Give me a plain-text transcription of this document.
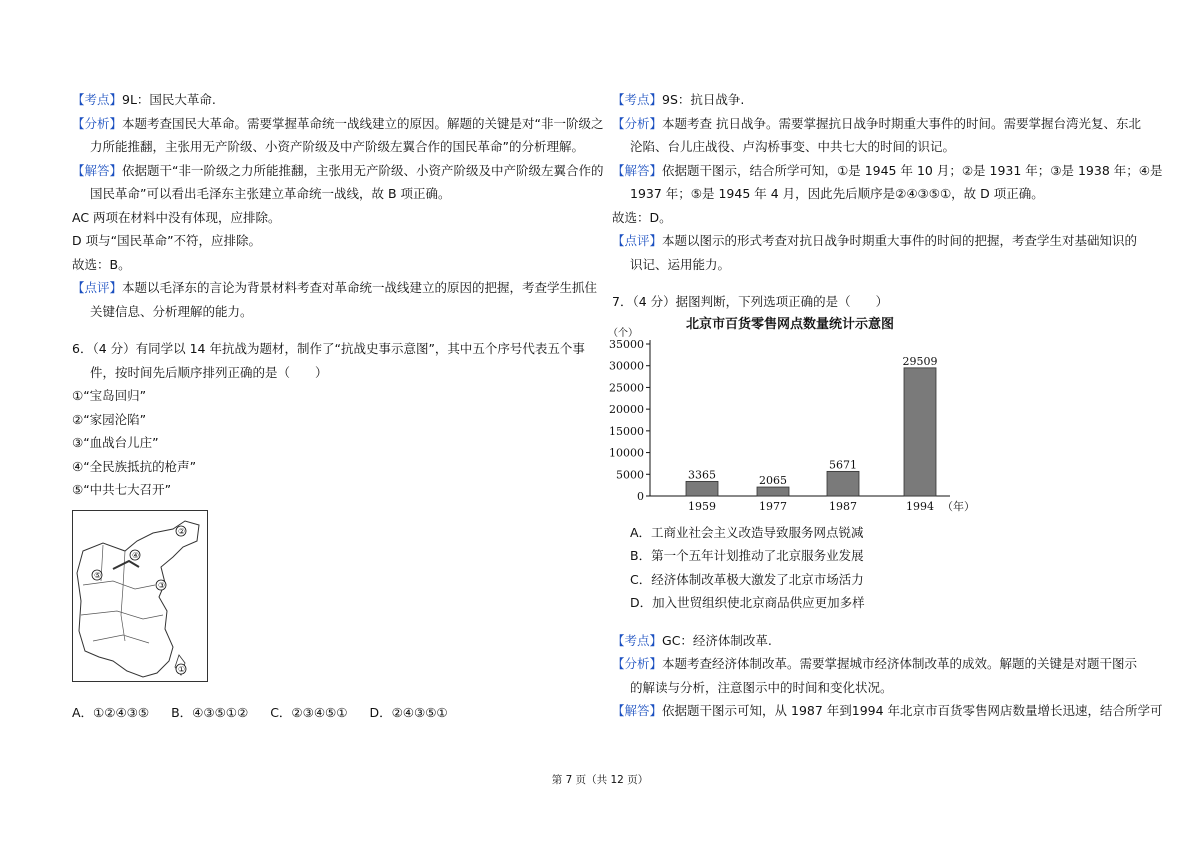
【考点】9L：国民大革命.

【分析】本题考查国民大革命。需要掌握革命统一战线建立的原因。解题的关键是对“非一阶级之

力所能推翻，主张用无产阶级、小资产阶级及中产阶级左翼合作的国民革命”的分析理解。

【解答】依据题干“非一阶级之力所能推翻，主张用无产阶级、小资产阶级及中产阶级左翼合作的

国民革命”可以看出毛泽东主张建立革命统一战线，故 B 项正确。

AC 两项在材料中没有体现，应排除。

D 项与“国民革命”不符，应排除。

故选：B。

【点评】本题以毛泽东的言论为背景材料考查对革命统一战线建立的原因的把握，考查学生抓住

关键信息、分析理解的能力。

6．（4 分）有同学以 14 年抗战为题材，制作了“抗战史事示意图”，其中五个序号代表五个事

件，按时间先后顺序排列正确的是（　　）

①“宝岛回归”

②“家园沦陷”

③“血战台儿庄”

④“全民族抵抗的枪声”

⑤“中共七大召开”

②
④
⑤
③
①
A．①②④③⑤ B．④③⑤①② C．②③④⑤① D．②④③⑤①

【考点】9S：抗日战争.

【分析】本题考查 抗日战争。需要掌握抗日战争时期重大事件的时间。需要掌握台湾光复、东北

沦陷、台儿庄战役、卢沟桥事变、中共七大的时间的识记。

【解答】依据题干图示，结合所学可知，①是 1945 年 10 月；②是 1931 年；③是 1938 年；④是

1937 年；⑤是 1945 年 4 月，因此先后顺序是②④③⑤①，故 D 项正确。

故选：D。

【点评】本题以图示的形式考查对抗日战争时期重大事件的时间的把握，考查学生对基础知识的

识记、运用能力。

7．（4 分）据图判断，下列选项正确的是（　　）

北京市百货零售网点数量统计示意图
（个）
0
5000
10000
15000
20000
25000
30000
35000
3365
1959
2065
1977
5671
1987
29509
1994 （年）

A．工商业社会主义改造导致服务网点锐减

B．第一个五年计划推动了北京服务业发展

C．经济体制改革极大激发了北京市场活力

D．加入世贸组织使北京商品供应更加多样

【考点】GC：经济体制改革.

【分析】本题考查经济体制改革。需要掌握城市经济体制改革的成效。解题的关键是对题干图示

的解读与分析，注意图示中的时间和变化状况。

【解答】依据题干图示可知，从 1987 年到1994 年北京市百货零售网店数量增长迅速，结合所学可

第 7 页（共 12 页）
